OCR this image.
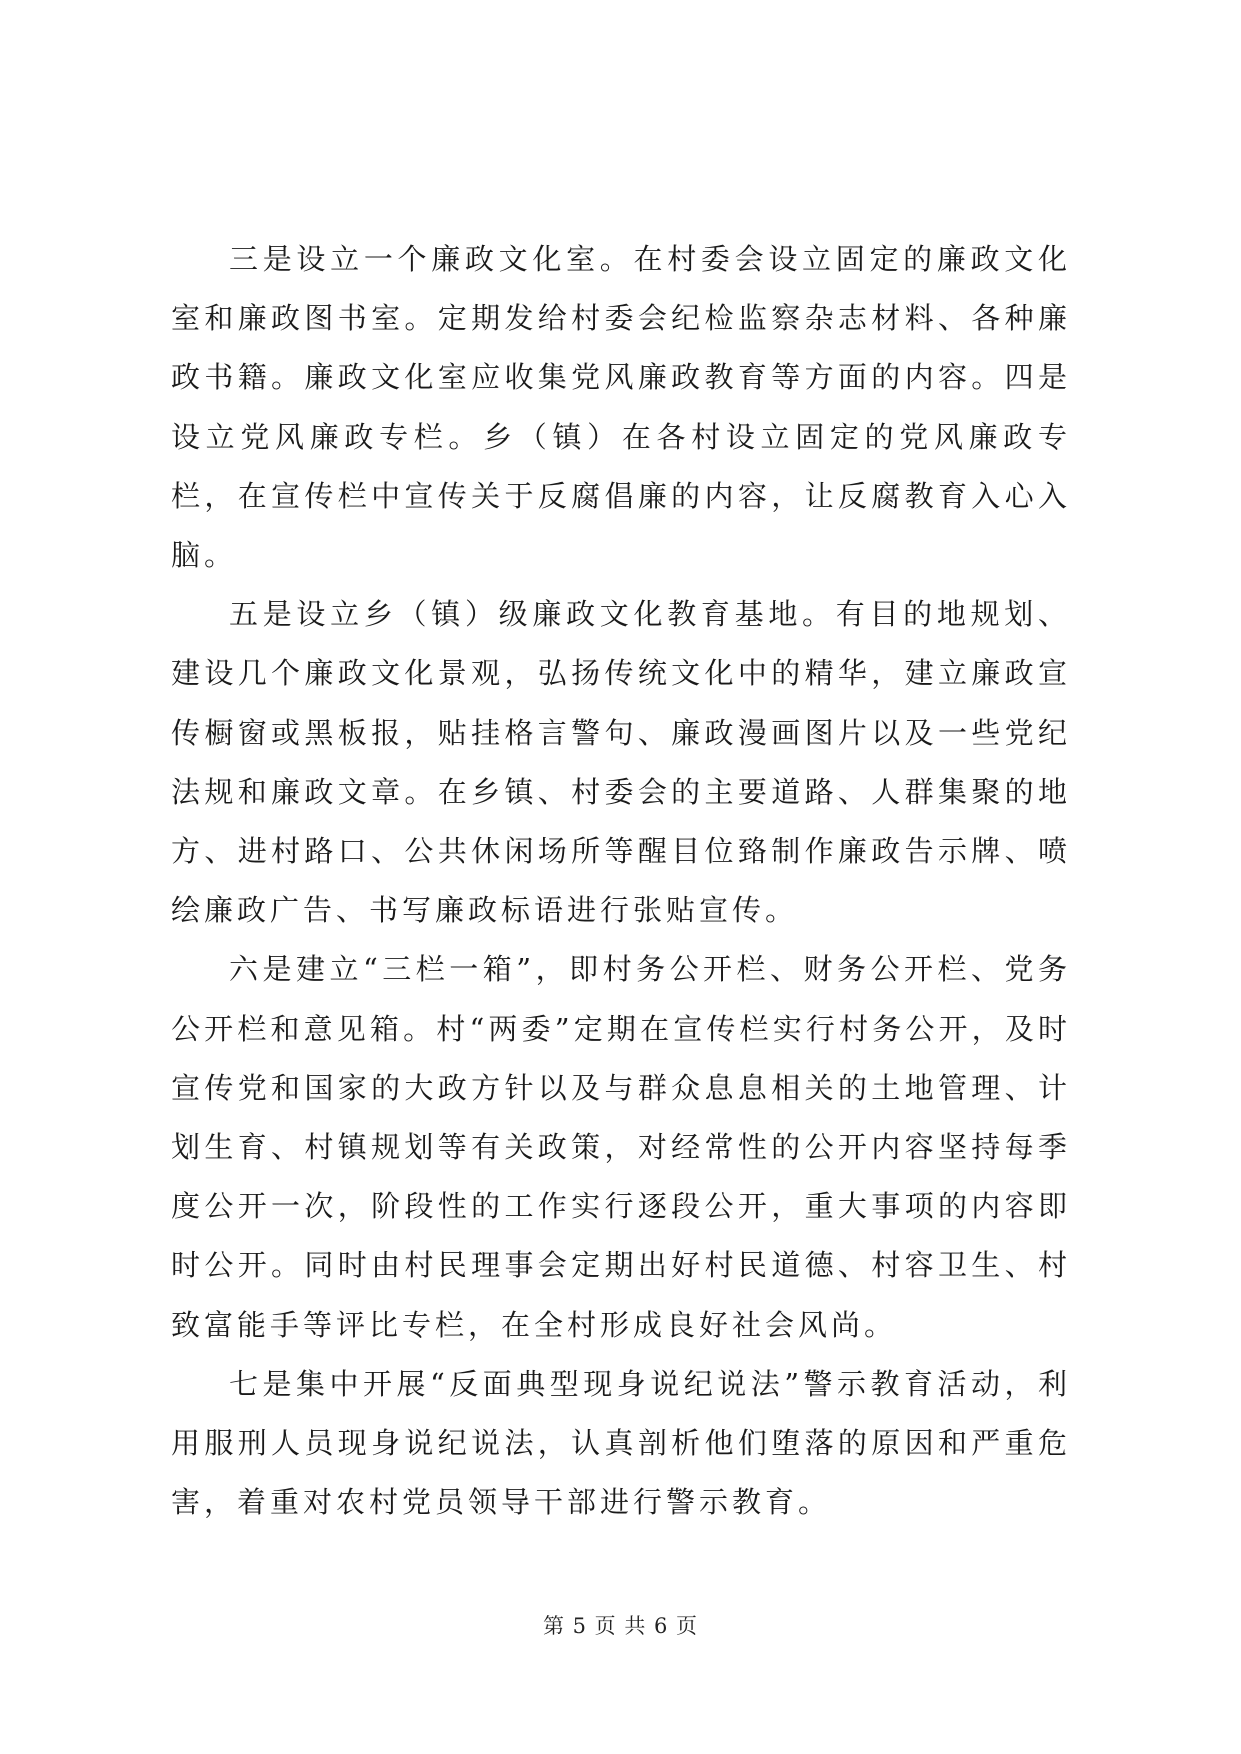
三是设立一个廉政文化室。在村委会设立固定的廉政文化室和廉政图书室。定期发给村委会纪检监察杂志材料、各种廉政书籍。廉政文化室应收集党风廉政教育等方面的内容。四是设立党风廉政专栏。乡（镇）在各村设立固定的党风廉政专栏，在宣传栏中宣传关于反腐倡廉的内容，让反腐教育入心入脑。

五是设立乡（镇）级廉政文化教育基地。有目的地规划、建设几个廉政文化景观，弘扬传统文化中的精华，建立廉政宣传橱窗或黑板报，贴挂格言警句、廉政漫画图片以及一些党纪法规和廉政文章。在乡镇、村委会的主要道路、人群集聚的地方、进村路口、公共休闲场所等醒目位臵制作廉政告示牌、喷绘廉政广告、书写廉政标语进行张贴宣传。

六是建立“三栏一箱”，即村务公开栏、财务公开栏、党务公开栏和意见箱。村“两委”定期在宣传栏实行村务公开，及时宣传党和国家的大政方针以及与群众息息相关的土地管理、计划生育、村镇规划等有关政策，对经常性的公开内容坚持每季度公开一次，阶段性的工作实行逐段公开，重大事项的内容即时公开。同时由村民理事会定期出好村民道德、村容卫生、村致富能手等评比专栏，在全村形成良好社会风尚。

七是集中开展“反面典型现身说纪说法”警示教育活动，利用服刑人员现身说纪说法，认真剖析他们堕落的原因和严重危害，着重对农村党员领导干部进行警示教育。

第 5 页 共 6 页
